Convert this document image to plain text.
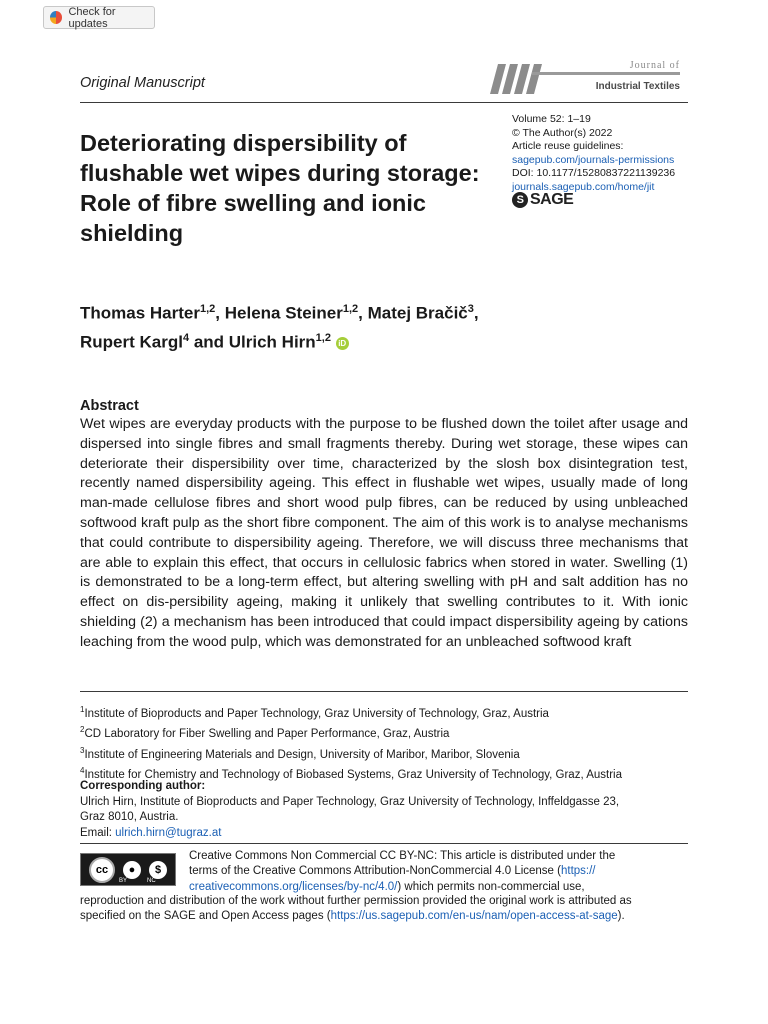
Check for updates
Original Manuscript
Journal of
Industrial Textiles
Volume 52: 1–19
© The Author(s) 2022
Article reuse guidelines:
sagepub.com/journals-permissions
DOI: 10.1177/15280837221139236
journals.sagepub.com/home/jit
S SAGE
Deteriorating dispersibility of flushable wet wipes during storage: Role of fibre swelling and ionic shielding
Thomas Harter$^{1,2}$, Helena Steiner$^{1,2}$, Matej Bračič$^3$,
Rupert Kargl$^4$ and Ulrich Hirn$^{1,2}$ iD
Abstract
Wet wipes are everyday products with the purpose to be flushed down the toilet after usage and dispersed into single fibres and small fragments thereby. During wet storage, these wipes can deteriorate their dispersibility over time, characterized by the slosh box disintegration test, recently named dispersibility ageing. This effect in flushable wet wipes, usually made of long man-made cellulose fibres and short wood pulp fibres, can be reduced by using unbleached softwood kraft pulp as the short fibre component. The aim of this work is to analyse mechanisms that could contribute to dispersibility ageing. Therefore, we will discuss three mechanisms that are able to explain this effect, that occurs in cellulosic fabrics when stored in water. Swelling (1) is demonstrated to be a long-term effect, but altering swelling with pH and salt addition has no effect on dis-persibility ageing, making it unlikely that swelling contributes to it. With ionic shielding (2) a mechanism has been introduced that could impact dispersibility ageing by cations leaching from the wood pulp, which was demonstrated for an unbleached softwood kraft
$^1$Institute of Bioproducts and Paper Technology, Graz University of Technology, Graz, Austria
$^2$CD Laboratory for Fiber Swelling and Paper Performance, Graz, Austria
$^3$Institute of Engineering Materials and Design, University of Maribor, Maribor, Slovenia
$^4$Institute for Chemistry and Technology of Biobased Systems, Graz University of Technology, Graz, Austria
Corresponding author:
Ulrich Hirn, Institute of Bioproducts and Paper Technology, Graz University of Technology, Inffeldgasse 23,
Graz 8010, Austria.
Email: ulrich.hirn@tugraz.at
cc	●	$
BY	NC
Creative Commons Non Commercial CC BY-NC: This article is distributed under the
terms of the Creative Commons Attribution-NonCommercial 4.0 License (https://
creativecommons.org/licenses/by-nc/4.0/) which permits non-commercial use,
reproduction and distribution of the work without further permission provided the original work is attributed as
specified on the SAGE and Open Access pages (https://us.sagepub.com/en-us/nam/open-access-at-sage).
